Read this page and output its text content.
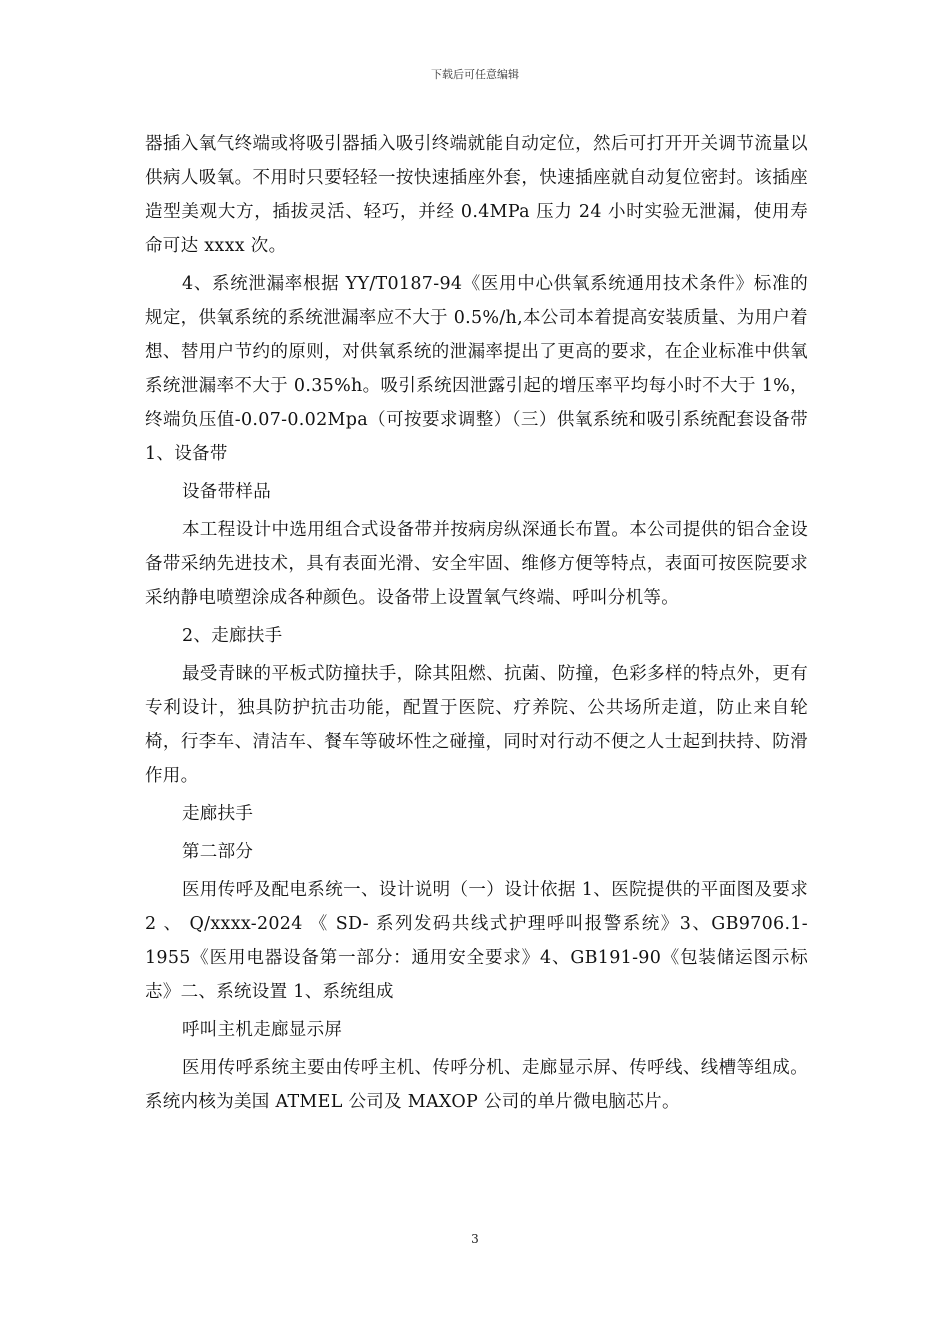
下载后可任意编辑

器插入氧气终端或将吸引器插入吸引终端就能自动定位，然后可打开开关调节流量以供病人吸氧。不用时只要轻轻一按快速插座外套，快速插座就自动复位密封。该插座造型美观大方，插拔灵活、轻巧，并经 0.4MPa 压力 24 小时实验无泄漏，使用寿命可达 xxxx 次。

4、系统泄漏率根据 YY/T0187-94《医用中心供氧系统通用技术条件》标准的规定，供氧系统的系统泄漏率应不大于 0.5%/h,本公司本着提高安装质量、为用户着想、替用户节约的原则，对供氧系统的泄漏率提出了更高的要求，在企业标准中供氧系统泄漏率不大于 0.35%h。吸引系统因泄露引起的增压率平均每小时不大于 1%，终端负压值-0.07-0.02Mpa（可按要求调整）（三）供氧系统和吸引系统配套设备带 1、设备带

设备带样品

本工程设计中选用组合式设备带并按病房纵深通长布置。本公司提供的铝合金设备带采纳先进技术，具有表面光滑、安全牢固、维修方便等特点，表面可按医院要求采纳静电喷塑涂成各种颜色。设备带上设置氧气终端、呼叫分机等。

2、走廊扶手

最受青睐的平板式防撞扶手，除其阻燃、抗菌、防撞，色彩多样的特点外，更有专利设计，独具防护抗击功能，配置于医院、疗养院、公共场所走道，防止来自轮椅，行李车、清洁车、餐车等破坏性之碰撞，同时对行动不便之人士起到扶持、防滑作用。

走廊扶手

第二部分

医用传呼及配电系统一、设计说明（一）设计依据 1、医院提供的平面图及要求 2 、 Q/xxxx-2024 《 SD- 系列发码共线式护理呼叫报警系统》3、GB9706.1-1955《医用电器设备第一部分：通用安全要求》4、GB191-90《包装储运图示标志》二、系统设置 1、系统组成

呼叫主机走廊显示屏

医用传呼系统主要由传呼主机、传呼分机、走廊显示屏、传呼线、线槽等组成。系统内核为美国 ATMEL 公司及 MAXOP 公司的单片微电脑芯片。

3
